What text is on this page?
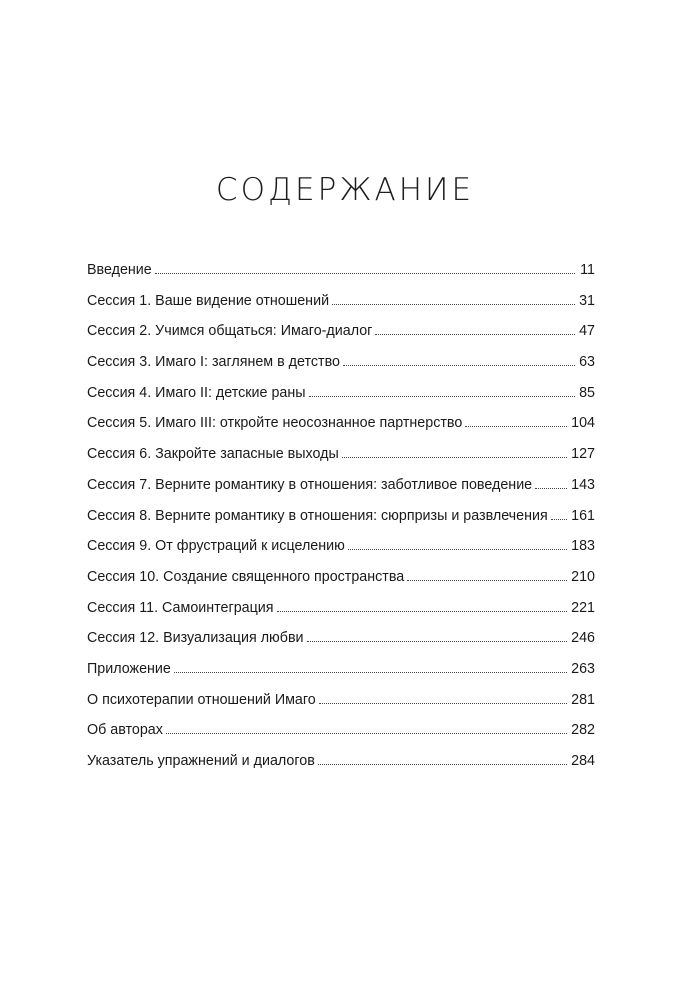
СОДЕРЖАНИЕ
Введение	11
Сессия 1. Ваше видение отношений	31
Сессия 2. Учимся общаться: Имаго-диалог	47
Сессия 3. Имаго I: заглянем в детство	63
Сессия 4. Имаго II: детские раны	85
Сессия 5. Имаго III: откройте неосознанное партнерство	104
Сессия 6. Закройте запасные выходы	127
Сессия 7. Верните романтику в отношения: заботливое поведение	143
Сессия 8. Верните романтику в отношения: сюрпризы и развлечения 161
Сессия 9. От фрустраций к исцелению	183
Сессия 10. Создание священного пространства	210
Сессия 11. Самоинтеграция	221
Сессия 12. Визуализация любви	246
Приложение	263
О психотерапии отношений Имаго	281
Об авторах	282
Указатель упражнений и диалогов	284
